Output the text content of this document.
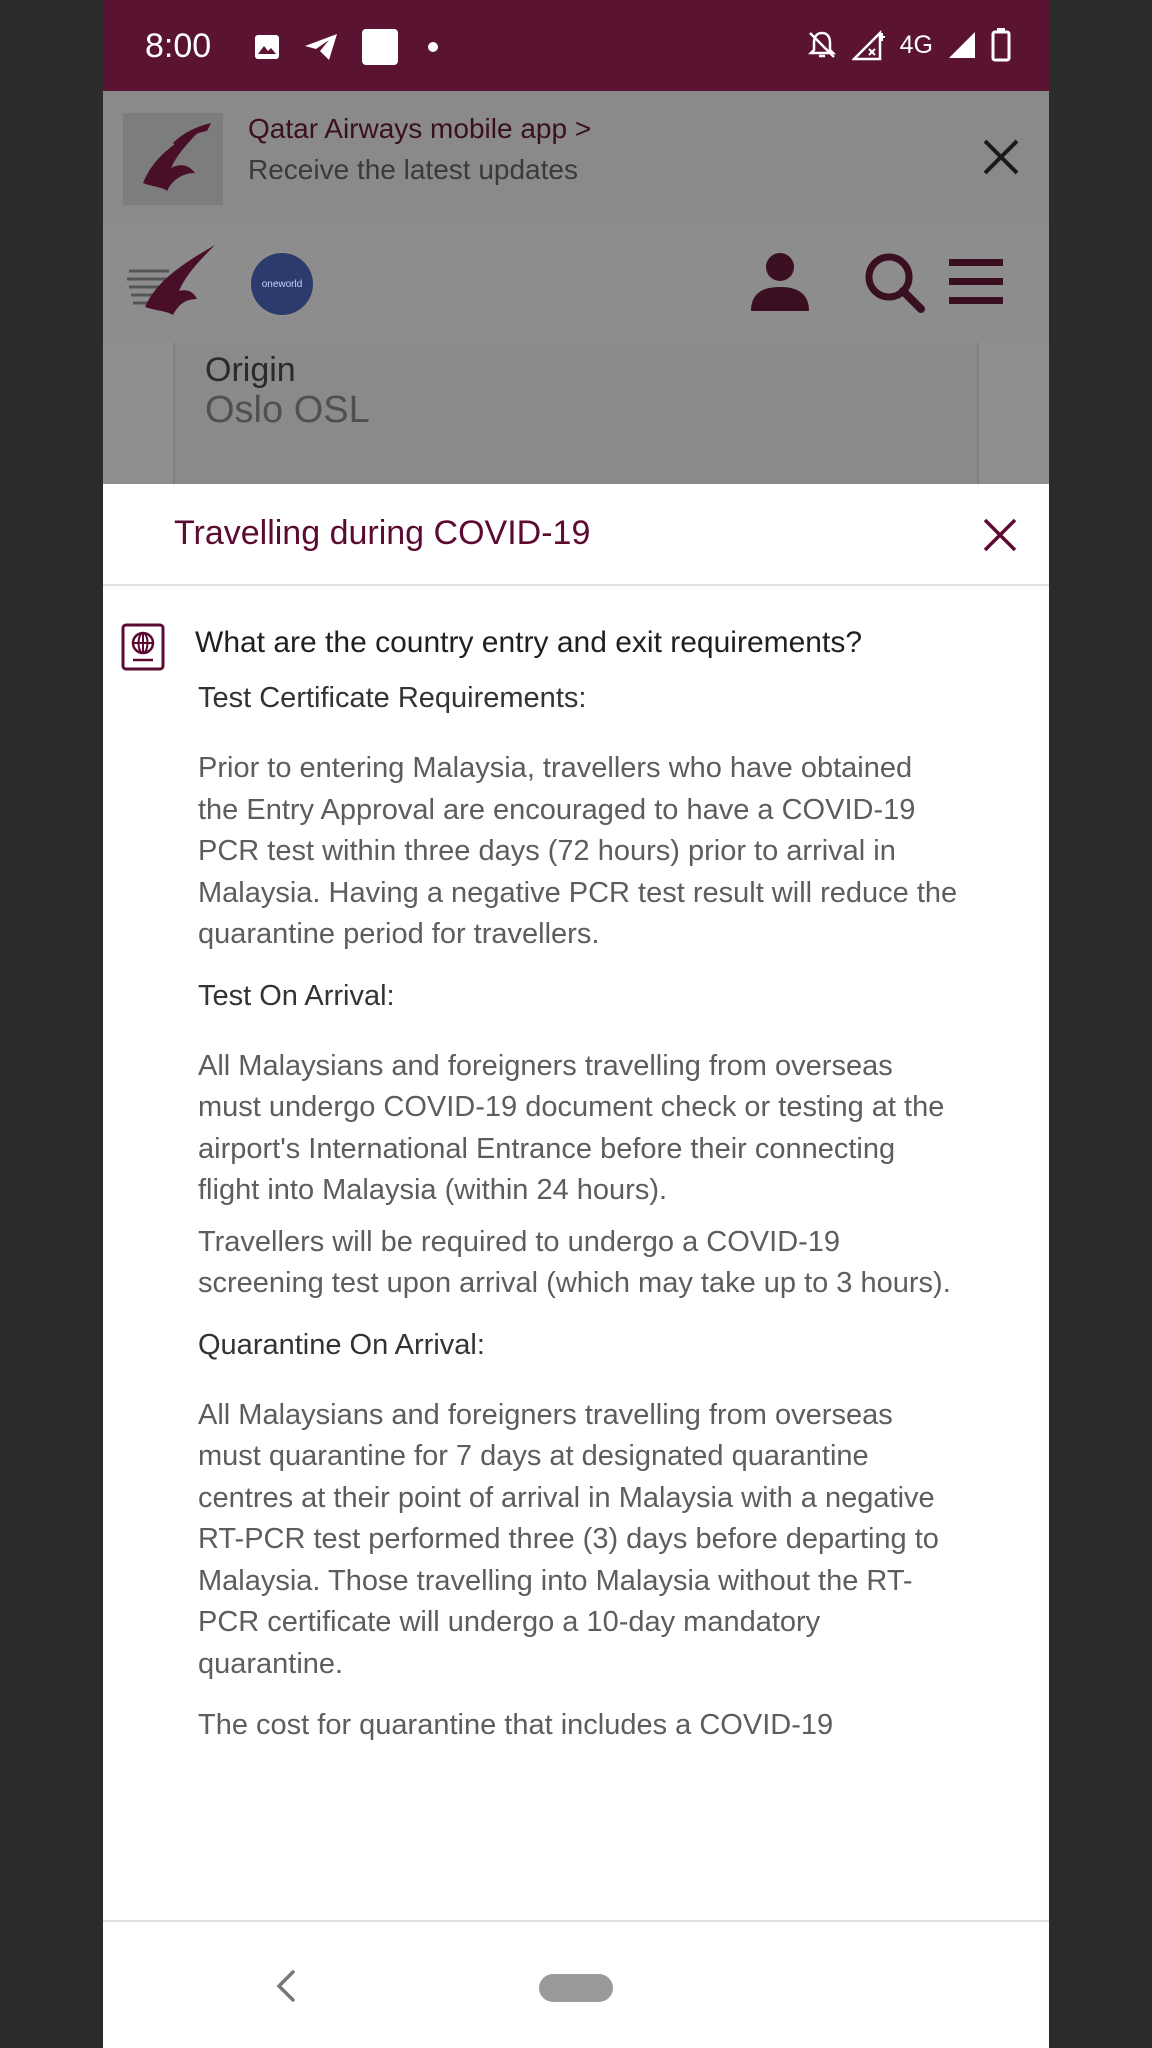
8:00	4G
Qatar Airways mobile app >
Receive the latest updates
oneworld
Origin
Oslo OSL
Travelling during COVID-19
What are the country entry and exit requirements?
Test Certificate Requirements:
Prior to entering Malaysia, travellers who have obtained the Entry Approval are encouraged to have a COVID-19 PCR test within three days (72 hours) prior to arrival in Malaysia. Having a negative PCR test result will reduce the quarantine period for travellers.
Test On Arrival:
All Malaysians and foreigners travelling from overseas must undergo COVID-19 document check or testing at the airport's International Entrance before their connecting flight into Malaysia (within 24 hours).
Travellers will be required to undergo a COVID-19 screening test upon arrival (which may take up to 3 hours).
Quarantine On Arrival:
All Malaysians and foreigners travelling from overseas must quarantine for 7 days at designated quarantine centres at their point of arrival in Malaysia with a negative RT-PCR test performed three (3) days before departing to Malaysia. Those travelling into Malaysia without the RT-PCR certificate will undergo a 10-day mandatory quarantine.
The cost for quarantine that includes a COVID-19
